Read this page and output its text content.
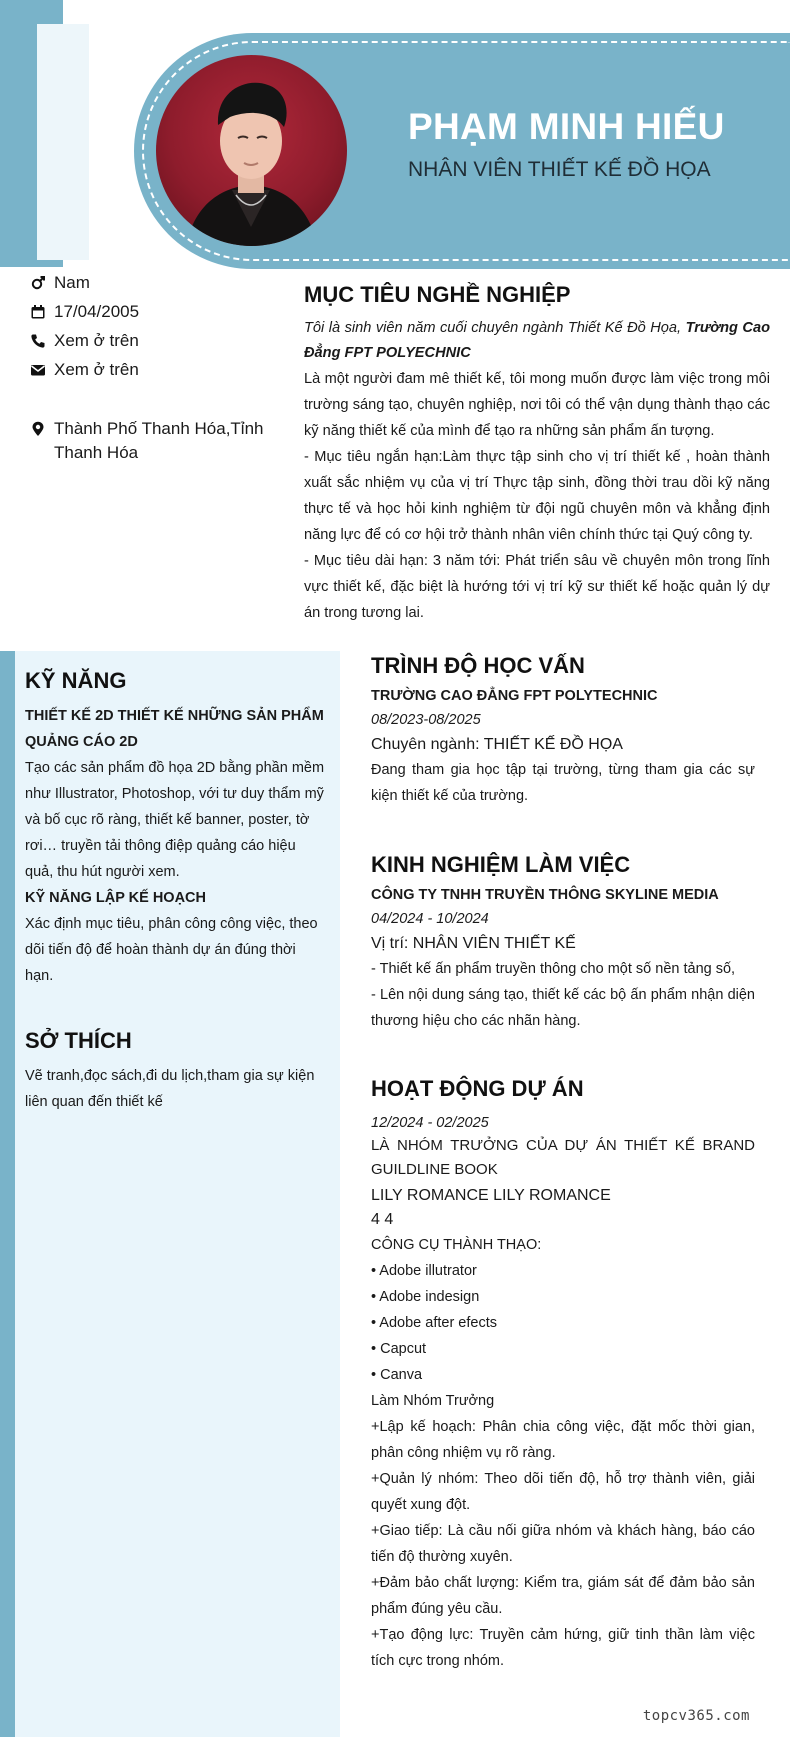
PHẠM MINH HIẾU
NHÂN VIÊN THIẾT KẾ ĐỒ HỌA
Nam
17/04/2005
Xem ở trên
Xem ở trên
Thành Phố Thanh Hóa,Tỉnh Thanh Hóa
MỤC TIÊU NGHỀ NGHIỆP

Tôi là sinh viên năm cuối chuyên ngành Thiết Kế Đồ Họa, Trường Cao Đẳng FPT POLYECHNIC

Là một người đam mê thiết kế, tôi mong muốn được làm việc trong môi trường sáng tạo, chuyên nghiệp, nơi tôi có thể vận dụng thành thạo các kỹ năng thiết kế của mình để tạo ra những sản phẩm ấn tượng.

- Mục tiêu ngắn hạn:Làm thực tập sinh cho vị trí thiết kế , hoàn thành xuất sắc nhiệm vụ của vị trí Thực tập sinh, đồng thời trau dồi kỹ năng thực tế và học hỏi kinh nghiệm từ đội ngũ chuyên môn và khẳng định năng lực để có cơ hội trở thành nhân viên chính thức tại Quý công ty.

- Mục tiêu dài hạn: 3 năm tới: Phát triển sâu về chuyên môn trong lĩnh vực thiết kế, đặc biệt là hướng tới vị trí kỹ sư thiết kế hoặc quản lý dự án trong tương lai.

KỸ NĂNG
THIẾT KẾ 2D THIẾT KẾ NHỮNG SẢN PHẨM QUẢNG CÁO 2D

Tạo các sản phẩm đồ họa 2D bằng phần mềm như Illustrator, Photoshop, với tư duy thẩm mỹ và bố cục rõ ràng, thiết kế banner, poster, tờ rơi… truyền tải thông điệp quảng cáo hiệu quả, thu hút người xem.

KỸ NĂNG LẬP KẾ HOẠCH

Xác định mục tiêu, phân công công việc, theo dõi tiến độ để hoàn thành dự án đúng thời hạn.

SỞ THÍCH

Vẽ tranh,đọc sách,đi du lịch,tham gia sự kiện liên quan đến thiết kế

TRÌNH ĐỘ HỌC VẤN
TRƯỜNG CAO ĐẲNG FPT POLYTECHNIC
08/2023-08/2025
Chuyên ngành: THIẾT KẾ ĐỒ HỌA

Đang tham gia học tập tại trường, từng tham gia các sự kiện thiết kế của trường.

KINH NGHIỆM LÀM VIỆC
CÔNG TY TNHH TRUYỀN THÔNG SKYLINE MEDIA
04/2024 - 10/2024
Vị trí: NHÂN VIÊN THIẾT KẾ

- Thiết kế ấn phẩm truyền thông cho một số nền tảng số,

- Lên nội dung sáng tạo, thiết kế các bộ ấn phẩm nhận diện thương hiệu cho các nhãn hàng.

HOẠT ĐỘNG DỰ ÁN
12/2024 - 02/2025
LÀ NHÓM TRƯỞNG CỦA DỰ ÁN THIẾT KẾ BRAND GUILDLINE BOOK
LILY ROMANCE LILY ROMANCE
4 4
CÔNG CỤ THÀNH THẠO:
• Adobe illutrator
• Adobe indesign
• Adobe after efects
• Capcut
• Canva
Làm Nhóm Trưởng

+Lập kế hoạch: Phân chia công việc, đặt mốc thời gian, phân công nhiệm vụ rõ ràng.

+Quản lý nhóm: Theo dõi tiến độ, hỗ trợ thành viên, giải quyết xung đột.

+Giao tiếp: Là cầu nối giữa nhóm và khách hàng, báo cáo tiến độ thường xuyên.

+Đảm bảo chất lượng: Kiểm tra, giám sát để đảm bảo sản phẩm đúng yêu cầu.

+Tạo động lực: Truyền cảm hứng, giữ tinh thần làm việc tích cực trong nhóm.

topcv365.com
